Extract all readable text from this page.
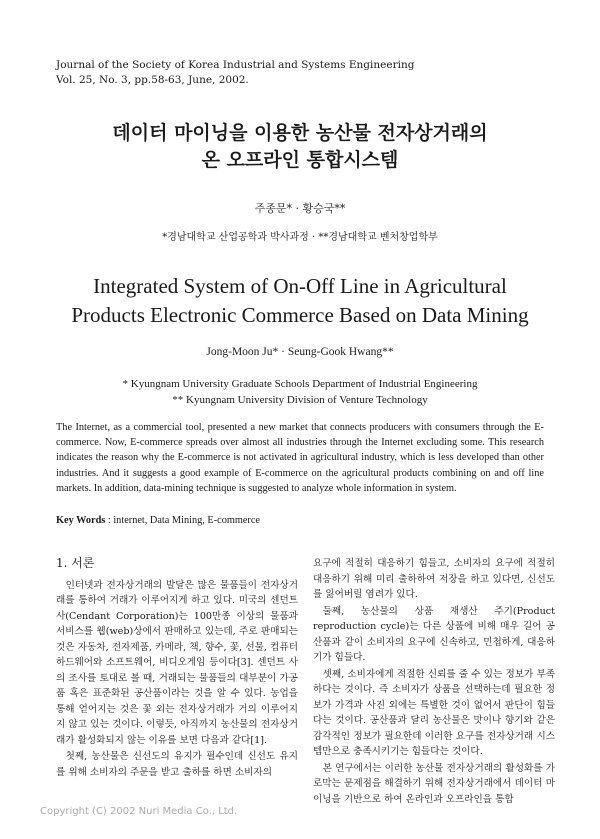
Journal of the Society of Korea Industrial and Systems Engineering
Vol. 25, No. 3, pp.58-63, June, 2002.
데이터 마이닝을 이용한 농산물 전자상거래의
온 오프라인 통합시스템
주종문* · 황승국**
*경남대학교 산업공학과 박사과정 · **경남대학교 벤처창업학부
Integrated System of On-Off Line in Agricultural
Products Electronic Commerce Based on Data Mining
Jong-Moon Ju* · Seung-Gook Hwang**
* Kyungnam University Graduate Schools Department of Industrial Engineering
** Kyungnam University Division of Venture Technology
The Internet, as a commercial tool, presented a new market that connects producers with consumers through the E-commerce. Now, E-commerce spreads over almost all industries through the Internet excluding some. This research indicates the reason why the E-commerce is not activated in agricultural industry, which is less developed than other industries. And it suggests a good example of E-commerce on the agricultural products combining on and off line markets. In addition, data-mining technique is suggested to analyze whole information in system.
Key Words : internet, Data Mining, E-commerce
1. 서론

인터넷과 전자상거래의 발달은 많은 물품들이 전자상거래를 통하여 거래가 이루어지게 하고 있다. 미국의 센던트 사(Cendant Corporation)는 100만종 이상의 물품과 서비스를 웹(web)상에서 판매하고 있는데, 주로 판매되는 것은 자동차, 전자제품, 카메라, 책, 향수, 꽃, 선물, 컴퓨터 하드웨어와 소프트웨어, 비디오게임 등이다[3]. 센던트 사의 조사를 토대로 볼 때, 거래되는 물품들의 대부분이 가공품 혹은 표준화된 공산품이라는 것을 알 수 있다. 농업을 통해 얻어지는 것은 꽃 외는 전자상거래가 거의 이루어지지 않고 있는 것이다. 이렇듯, 아직까지 농산물의 전자상거래가 활성화되지 않는 이유를 보면 다음과 같다[1].

첫째, 농산물은 신선도의 유지가 필수인데 신선도 유지를 위해 소비자의 주문을 받고 출하를 하면 소비자의

요구에 적절히 대응하기 힘들고, 소비자의 요구에 적절히 대응하기 위해 미리 출하하여 저장을 하고 있다면, 신선도를 잃어버릴 염려가 있다.

둘째, 농산물의 상품 재생산 주기(Product reproduction cycle)는 다른 상품에 비해 매우 길어 공산품과 같이 소비자의 요구에 신속하고, 민첩하게, 대응하기가 힘들다.

셋째, 소비자에게 적절한 신뢰를 줄 수 있는 정보가 부족하다는 것이다. 즉 소비자가 상품을 선택하는데 필요한 정보가 가격과 사진 외에는 특별한 것이 없어서 판단이 힘들다는 것이다. 공산품과 달리 농산물은 맛이나 향기와 같은 감각적인 정보가 필요한데 이러한 요구를 전자상거래 시스템만으로 충족시키기는 힘들다는 것이다.

본 연구에서는 이러한 농산물 전자상거래의 활성화를 가로막는 문제점을 해결하기 위해 전자상거래에서 데이터 마이닝을 기반으로 하여 온라인과 오프라인을 통합

Copyright (C) 2002 Nuri Media Co., Ltd.
